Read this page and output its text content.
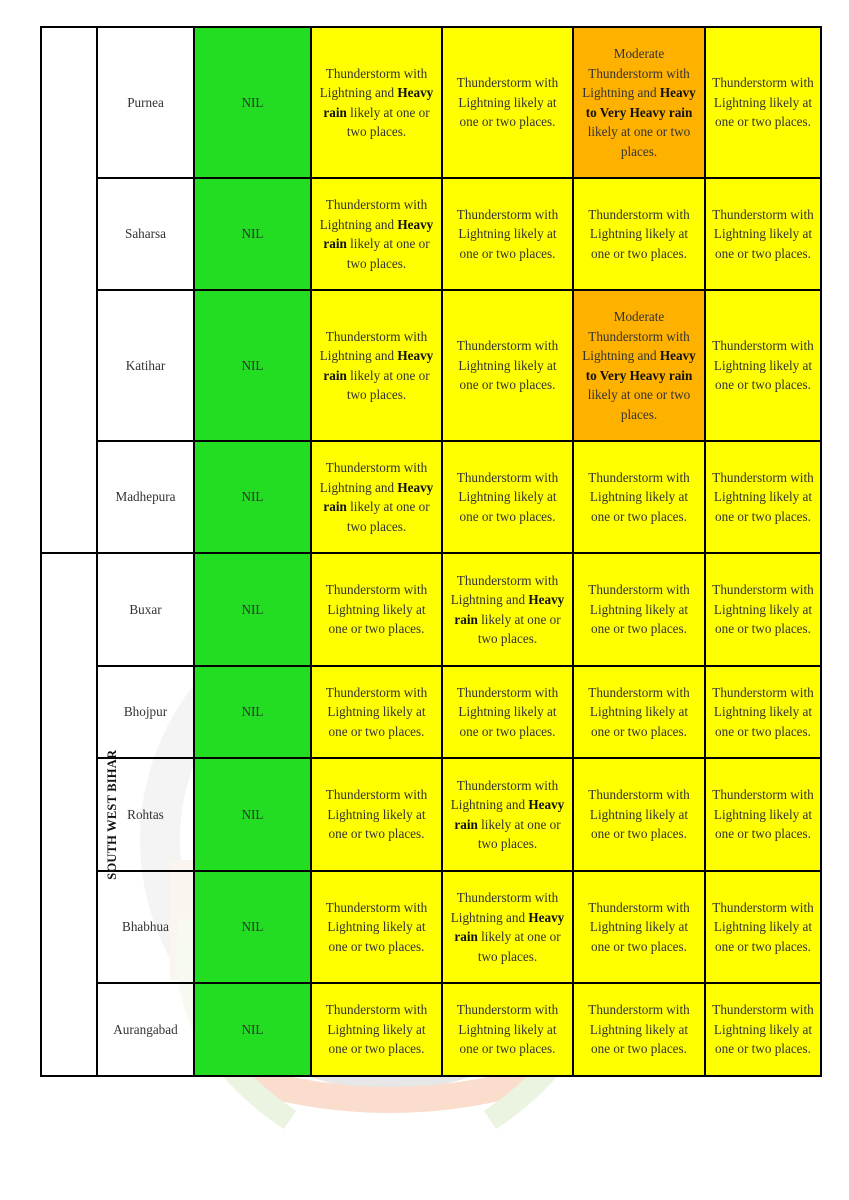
	Purnea	NIL	Thunderstorm with Lightning and Heavy rain likely at one or two places.	Thunderstorm with Lightning likely at one or two places.	Moderate Thunderstorm with Lightning and Heavy to Very Heavy rain likely at one or two places.	Thunderstorm with Lightning likely at one or two places.
	Saharsa	NIL	Thunderstorm with Lightning and Heavy rain likely at one or two places.	Thunderstorm with Lightning likely at one or two places.	Thunderstorm with Lightning likely at one or two places.	Thunderstorm with Lightning likely at one or two places.
	Katihar	NIL	Thunderstorm with Lightning and Heavy rain likely at one or two places.	Thunderstorm with Lightning likely at one or two places.	Moderate Thunderstorm with Lightning and Heavy to Very Heavy rain likely at one or two places.	Thunderstorm with Lightning likely at one or two places.
	Madhepura	NIL	Thunderstorm with Lightning and Heavy rain likely at one or two places.	Thunderstorm with Lightning likely at one or two places.	Thunderstorm with Lightning likely at one or two places.	Thunderstorm with Lightning likely at one or two places.
SOUTH WEST BIHAR	Buxar	NIL	Thunderstorm with Lightning likely at one or two places.	Thunderstorm with Lightning and Heavy rain likely at one or two places.	Thunderstorm with Lightning likely at one or two places.	Thunderstorm with Lightning likely at one or two places.
	Bhojpur	NIL	Thunderstorm with Lightning likely at one or two places.	Thunderstorm with Lightning likely at one or two places.	Thunderstorm with Lightning likely at one or two places.	Thunderstorm with Lightning likely at one or two places.
	Rohtas	NIL	Thunderstorm with Lightning likely at one or two places.	Thunderstorm with Lightning and Heavy rain likely at one or two places.	Thunderstorm with Lightning likely at one or two places.	Thunderstorm with Lightning likely at one or two places.
	Bhabhua	NIL	Thunderstorm with Lightning likely at one or two places.	Thunderstorm with Lightning and Heavy rain likely at one or two places.	Thunderstorm with Lightning likely at one or two places.	Thunderstorm with Lightning likely at one or two places.
	Aurangabad	NIL	Thunderstorm with Lightning likely at one or two places.	Thunderstorm with Lightning likely at one or two places.	Thunderstorm with Lightning likely at one or two places.	Thunderstorm with Lightning likely at one or two places.
